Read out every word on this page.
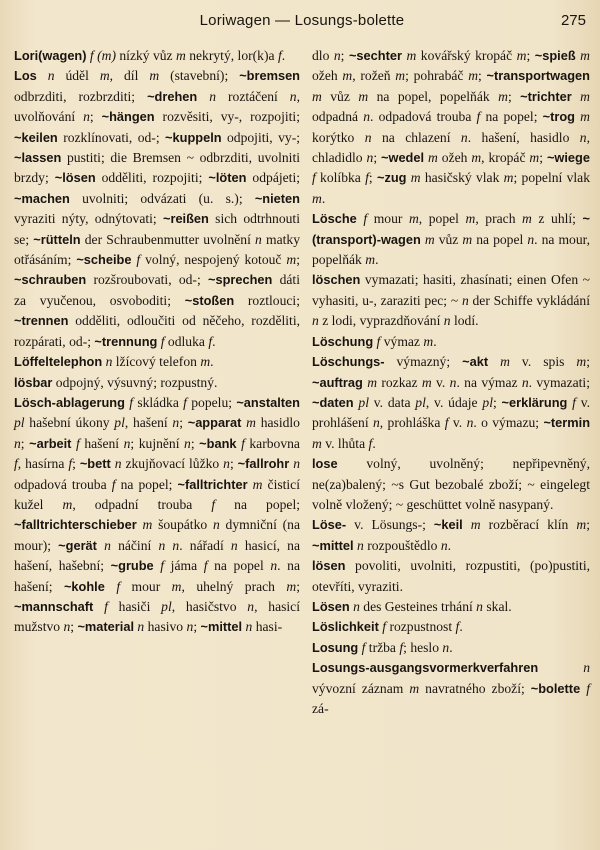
Loriwagen — Losungs-bolette	275
Lori(wagen) f (m) nízký vůz m nekrytý, lor(k)a f.
Los n úděl m, díl m (stavební); ~bremsen odbrzditi, rozbrzditi; ~drehen n roztáčení n, uvolňování n; ~hängen rozvěsiti, vy-, rozpojiti; ~keilen rozklínovati, od-; ~kuppeln odpojiti, vy-; ~lassen pustiti; die Bremsen ~ odbrzditi, uvolniti brzdy; ~lösen odděliti, rozpojiti; ~löten odpájeti; ~machen uvolniti; odvázati (u. s.); ~nieten vyraziti nýty, odnýtovati; ~reißen sich odtrhnouti se; ~rütteln der Schraubenmutter uvolnění n matky otřásáním; ~scheibe f volný, nespojený kotouč m; ~schrauben rozšroubovati, od-; ~sprechen dáti za vyučenou, osvoboditi; ~stoßen roztlouci; ~trennen odděliti, odloučiti od něčeho, rozděliti, rozpárati, od-; ~trennung f odluka f.
Löffeltelephon n lžícový telefon m.
lösbar odpojný, výsuvný; rozpustný.
Lösch-ablagerung f skládka f popelu; ~anstalten pl hašební úkony pl, hašení n; ~apparat m hasidlo n; ~arbeit f hašení n; kujnění n; ~bank f karbovna f, hasírna f; ~bett n zkujňovací lůžko n; ~fallrohr n odpadová trouba f na popel; ~falltrichter m čisticí kužel m, odpadní trouba f na popel; ~falltrichterschieber m šoupátko n dymniční (na mour); ~gerät n náčiní n n. nářadí n hasicí, na hašení, hašební; ~grube f jáma f na popel n. na hašení; ~kohle f mour m, uhelný prach m; ~mannschaft f hasiči pl, hasičstvo n, hasicí mužstvo n; ~material n hasivo n; ~mittel n hasi-
dlo n; ~sechter m kovářský kropáč m; ~spieß m ožeh m, rožeň m; pohrabáč m; ~transportwagen m vůz m na popel, popelňák m; ~trichter m odpadná n. odpadová trouba f na popel; ~trog m korýtko n na chlazení n. hašení, hasidlo n, chladidlo n; ~wedel m ožeh m, kropáč m; ~wiege f kolíbka f; ~zug m hasičský vlak m; popelní vlak m.
Lösche f mour m, popel m, prach m z uhlí; ~(transport)-wagen m vůz m na popel n. na mour, popelňák m.
löschen vymazati; hasiti, zhasínati; einen Ofen ~ vyhasiti, u-, zaraziti pec; ~ n der Schiffe vykládání n z lodi, vyprazdňování n lodí.
Löschung f výmaz m.
Löschungs- výmazný; ~akt m v. spis m; ~auftrag m rozkaz m v. n. na výmaz n. vymazati; ~daten pl v. data pl, v. údaje pl; ~erklärung f v. prohlášení n, prohláška f v. n. o výmazu; ~termin m v. lhůta f.
lose volný, uvolněný; nepřipevněný, ne(za)balený; ~s Gut bezobalé zboží; ~ eingelegt volně vložený; ~ geschüttet volně nasypaný.
Löse- v. Lösungs-; ~keil m rozběrací klín m; ~mittel n rozpouštědlo n.
lösen povoliti, uvolniti, rozpustiti, (po)pustiti, otevříti, vyraziti.
Lösen n des Gesteines trhání n skal.
Löslichkeit f rozpustnost f.
Losung f tržba f; heslo n.
Losungs-ausgangsvormerkverfahren	n vývozní záznam m navratného zboží; ~bolette f zá-
